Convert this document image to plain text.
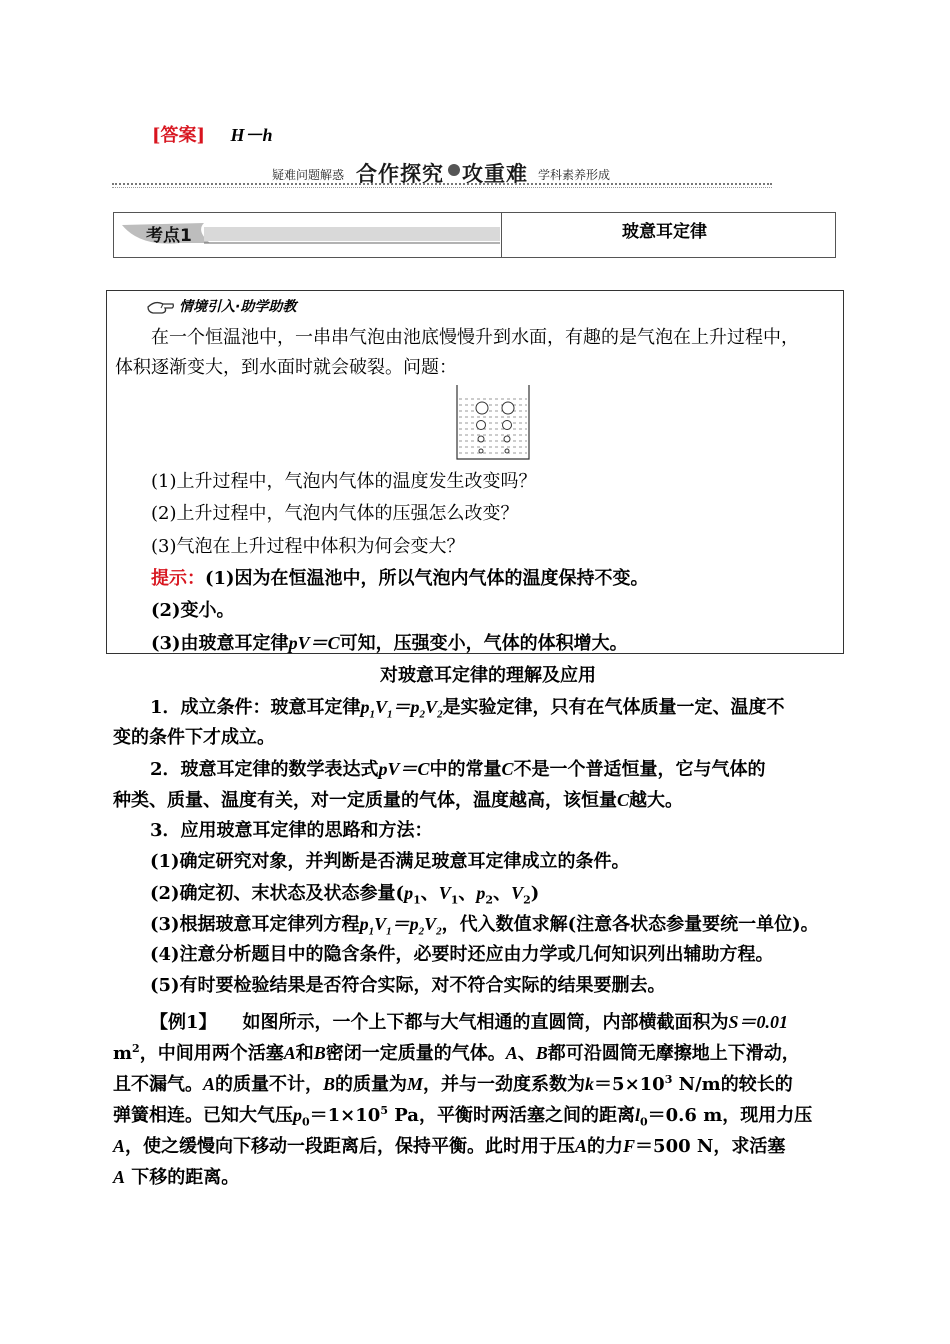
[答案] H－h
疑难问题解惑 合作探究 攻重难 学科素养形成
考点1	玻意耳定律
情境引入·助学助教
在一个恒温池中，一串串气泡由池底慢慢升到水面，有趣的是气泡在上升过程中，
体积逐渐变大，到水面时就会破裂。问题：
(1)上升过程中，气泡内气体的温度发生改变吗？
(2)上升过程中，气泡内气体的压强怎么改变？
(3)气泡在上升过程中体积为何会变大？
提示：(1)因为在恒温池中，所以气泡内气体的温度保持不变。
(2)变小。
(3)由玻意耳定律pV＝C可知，压强变小，气体的体积增大。
对玻意耳定律的理解及应用
1．成立条件：玻意耳定律$p_1V_1=p_2V_2$是实验定律，只有在气体质量一定、温度不
变的条件下才成立。
2．玻意耳定律的数学表达式pV＝C中的常量C不是一个普适恒量，它与气体的
种类、质量、温度有关，对一定质量的气体，温度越高，该恒量C越大。
3．应用玻意耳定律的思路和方法：
(1)确定研究对象，并判断是否满足玻意耳定律成立的条件。
(2)确定初、末状态及状态参量($p_1$、$V_1$、$p_2$、$V_2$)
(3)根据玻意耳定律列方程$p_1V_1=p_2V_2$，代入数值求解(注意各状态参量要统一单位)。
(4)注意分析题目中的隐含条件，必要时还应由力学或几何知识列出辅助方程。
(5)有时要检验结果是否符合实际，对不符合实际的结果要删去。
【例1】 如图所示，一个上下都与大气相通的直圆筒，内部横截面积为S＝0.01
$m^2$，中间用两个活塞A和B密闭一定质量的气体。A、B都可沿圆筒无摩擦地上下滑动，
且不漏气。A的质量不计，B的质量为M，并与一劲度系数为$k=5\times 10^3$ N/m的较长的
弹簧相连。已知大气压$p_0=1\times 10^5$ Pa，平衡时两活塞之间的距离$l_0=0.6$ m，现用力压
A，使之缓慢向下移动一段距离后，保持平衡。此时用于压A的力F＝500 N，求活塞
A 下移的距离。
